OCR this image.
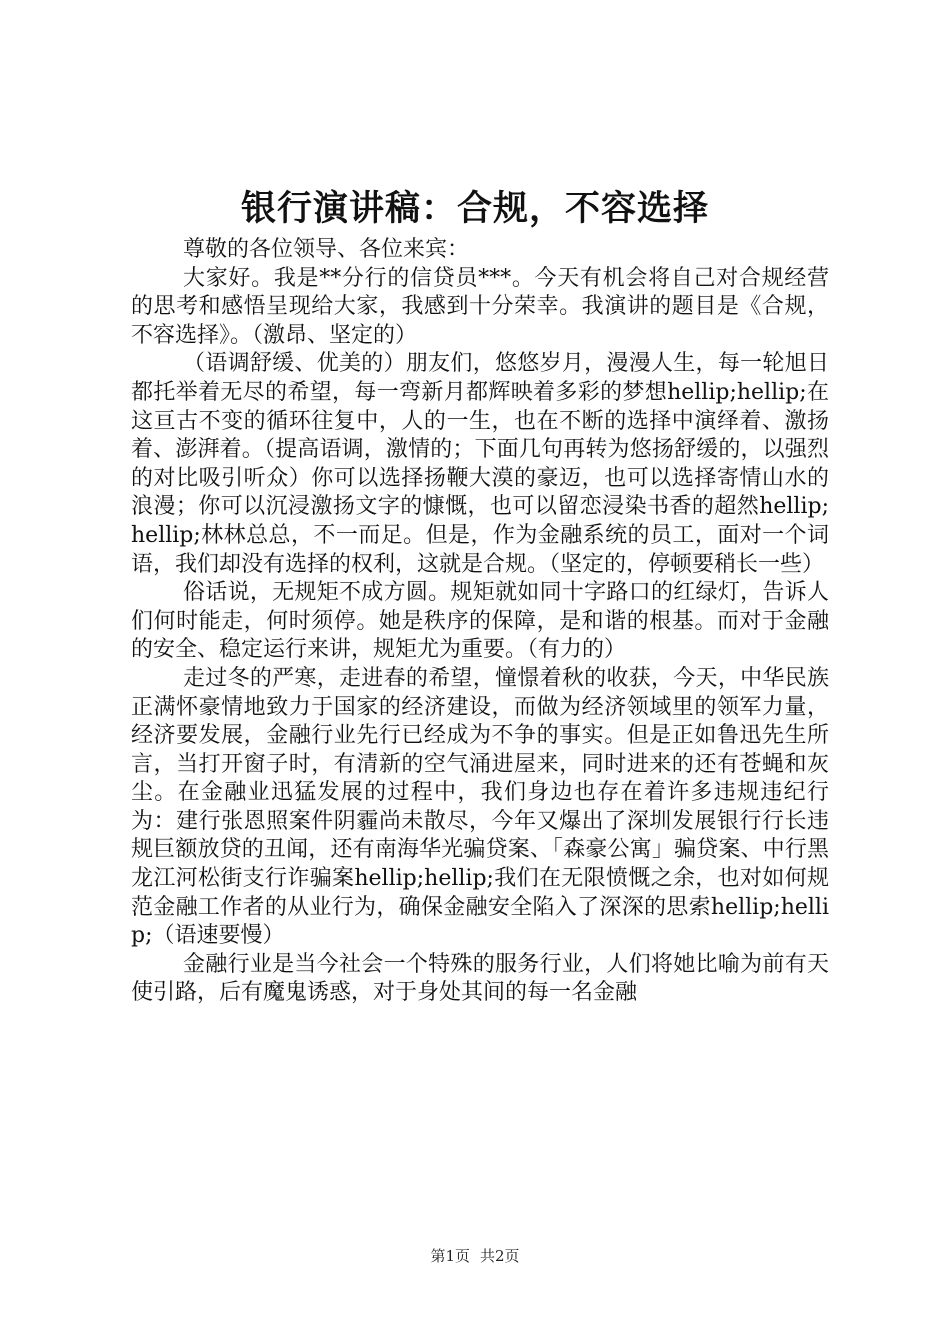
银行演讲稿：合规，不容选择

尊敬的各位领导、各位来宾：

大家好。我是**分行的信贷员***。今天有机会将自己对合规经营的思考和感悟呈现给大家，我感到十分荣幸。我演讲的题目是《合规，不容选择》。（激昂、坚定的）

（语调舒缓、优美的）朋友们，悠悠岁月，漫漫人生，每一轮旭日都托举着无尽的希望，每一弯新月都辉映着多彩的梦想hellip;hellip;在这亘古不变的循环往复中，人的一生，也在不断的选择中演绎着、激扬着、澎湃着。（提高语调，激情的；下面几句再转为悠扬舒缓的，以强烈的对比吸引听众）你可以选择扬鞭大漠的豪迈，也可以选择寄情山水的浪漫；你可以沉浸激扬文字的慷慨，也可以留恋浸染书香的超然hellip;hellip;林林总总，不一而足。但是，作为金融系统的员工，面对一个词语，我们却没有选择的权利，这就是合规。（坚定的，停顿要稍长一些）

俗话说，无规矩不成方圆。规矩就如同十字路口的红绿灯，告诉人们何时能走，何时须停。她是秩序的保障，是和谐的根基。而对于金融的安全、稳定运行来讲，规矩尤为重要。（有力的）

走过冬的严寒，走进春的希望，憧憬着秋的收获，今天，中华民族正满怀豪情地致力于国家的经济建设，而做为经济领域里的领军力量，经济要发展，金融行业先行已经成为不争的事实。但是正如鲁迅先生所言，当打开窗子时，有清新的空气涌进屋来，同时进来的还有苍蝇和灰尘。在金融业迅猛发展的过程中，我们身边也存在着许多违规违纪行为：建行张恩照案件阴霾尚未散尽，今年又爆出了深圳发展银行行长违规巨额放贷的丑闻，还有南海华光骗贷案、「森豪公寓」骗贷案、中行黑龙江河松街支行诈骗案hellip;hellip;我们在无限愤慨之余，也对如何规范金融工作者的从业行为，确保金融安全陷入了深深的思索hellip;hellip;（语速要慢）

金融行业是当今社会一个特殊的服务行业，人们将她比喻为前有天使引路，后有魔鬼诱惑，对于身处其间的每一名金融

第1页 共2页
